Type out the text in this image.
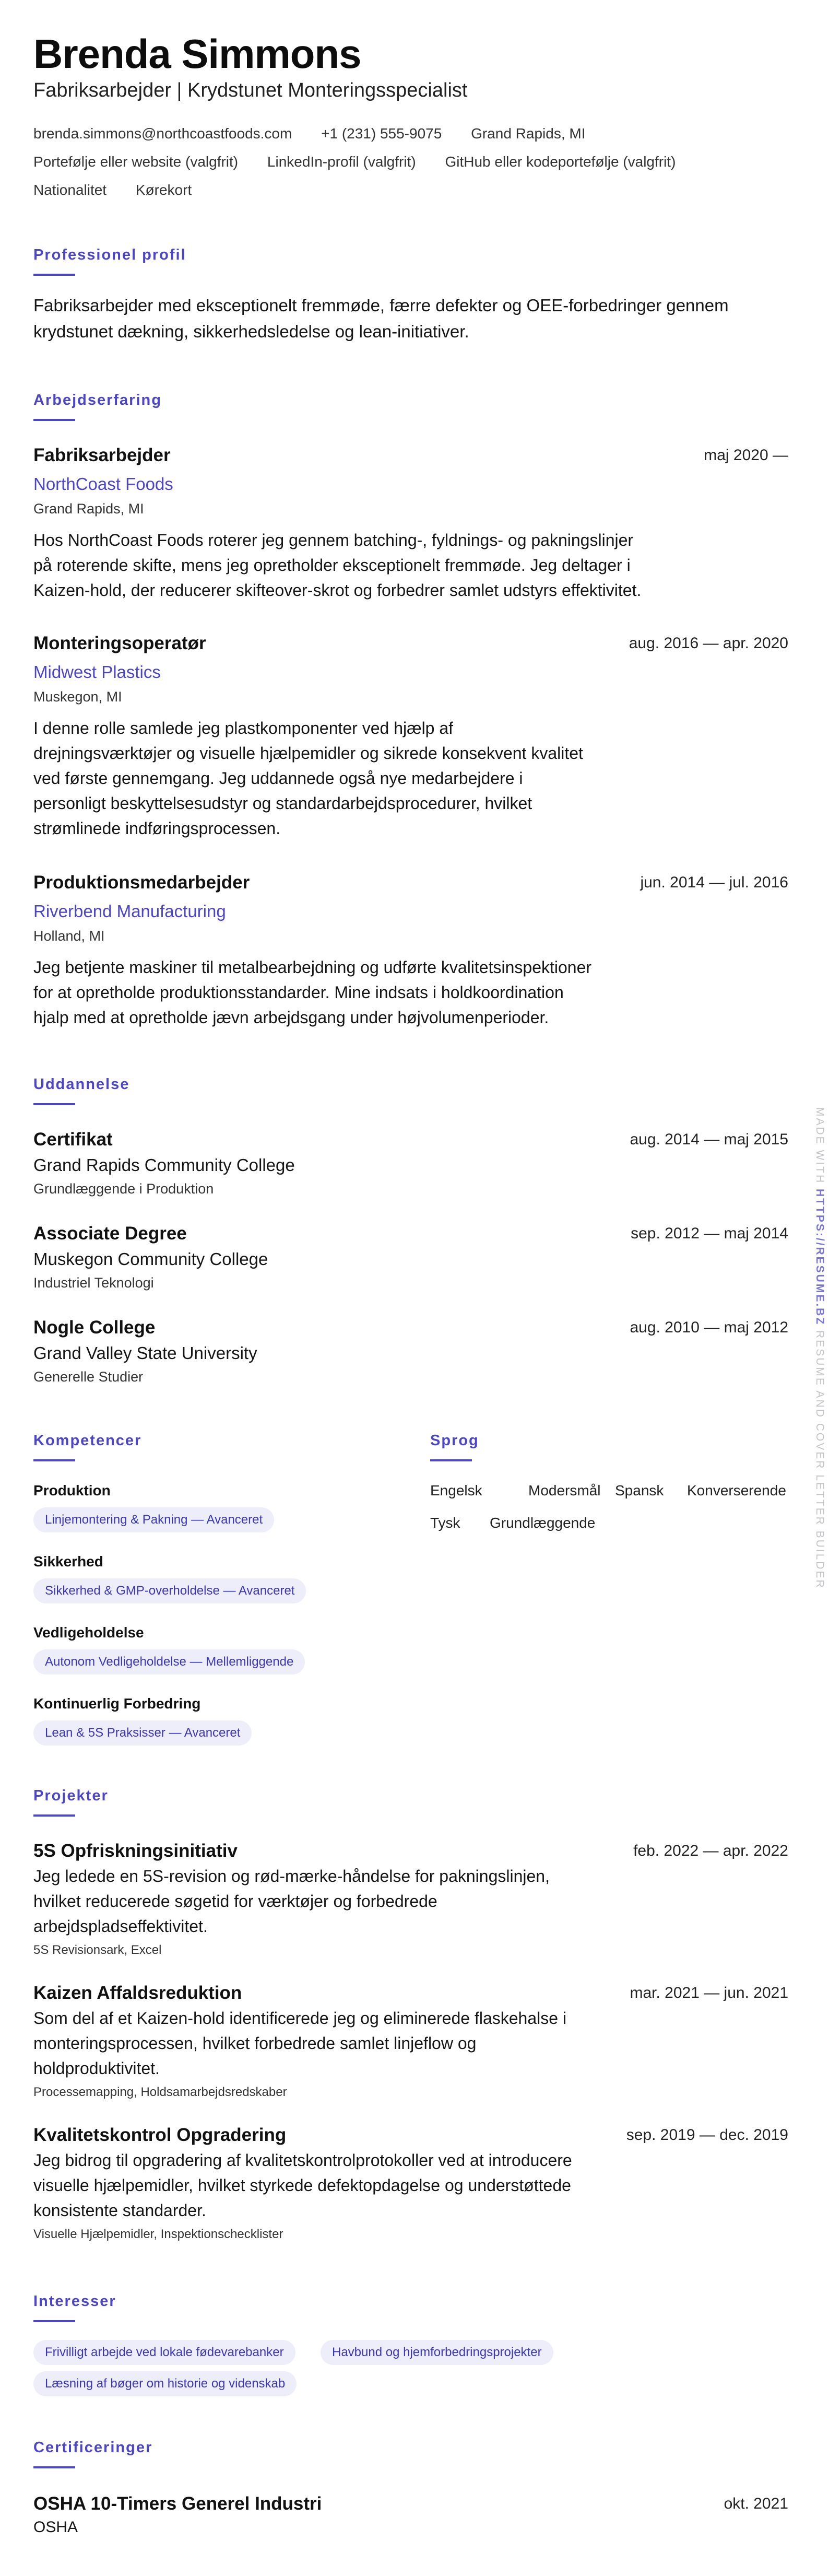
Brenda Simmons
Fabriksarbejder | Krydstunet Monteringsspecialist
brenda.simmons@northcoastfoods.com +1 (231) 555-9075 Grand Rapids, MI
Portefølje eller website (valgfrit) LinkedIn-profil (valgfrit) GitHub eller kodeportefølje (valgfrit)
Nationalitet Kørekort
Professionel profil
Fabriksarbejder med eksceptionelt fremmøde, færre defekter og OEE-forbedringer gennem
krydstunet dækning, sikkerhedsledelse og lean-initiativer.
Arbejdserfaring
Fabriksarbejder	maj 2020 —
NorthCoast Foods
Grand Rapids, MI
Hos NorthCoast Foods roterer jeg gennem batching-, fyldnings- og pakningslinjer
på roterende skifte, mens jeg opretholder eksceptionelt fremmøde. Jeg deltager i
Kaizen-hold, der reducerer skifteover-skrot og forbedrer samlet udstyrs effektivitet.
Monteringsoperatør	aug. 2016 — apr. 2020
Midwest Plastics
Muskegon, MI
I denne rolle samlede jeg plastkomponenter ved hjælp af
drejningsværktøjer og visuelle hjælpemidler og sikrede konsekvent kvalitet
ved første gennemgang. Jeg uddannede også nye medarbejdere i
personligt beskyttelsesudstyr og standardarbejdsprocedurer, hvilket
strømlinede indføringsprocessen.
Produktionsmedarbejder	jun. 2014 — jul. 2016
Riverbend Manufacturing
Holland, MI
Jeg betjente maskiner til metalbearbejdning og udførte kvalitetsinspektioner
for at opretholde produktionsstandarder. Mine indsats i holdkoordination
hjalp med at opretholde jævn arbejdsgang under højvolumenperioder.
Uddannelse
Certifikat	aug. 2014 — maj 2015
Grand Rapids Community College
Grundlæggende i Produktion
Associate Degree	sep. 2012 — maj 2014
Muskegon Community College
Industriel Teknologi
Nogle College	aug. 2010 — maj 2012
Grand Valley State University
Generelle Studier
Kompetencer
Produktion
Linjemontering & Pakning — Avanceret
Sikkerhed
Sikkerhed & GMP-overholdelse — Avanceret
Vedligeholdelse
Autonom Vedligeholdelse — Mellemliggende
Kontinuerlig Forbedring
Lean & 5S Praksisser — Avanceret
Sprog
Engelsk	Modersmål Spansk Konverserende
Tysk Grundlæggende
Projekter
5S Opfriskningsinitiativ	feb. 2022 — apr. 2022
Jeg ledede en 5S-revision og rød-mærke-håndelse for pakningslinjen,
hvilket reducerede søgetid for værktøjer og forbedrede
arbejdspladseffektivitet.
5S Revisionsark, Excel
Kaizen Affaldsreduktion	mar. 2021 — jun. 2021
Som del af et Kaizen-hold identificerede jeg og eliminerede flaskehalse i
monteringsprocessen, hvilket forbedrede samlet linjeflow og
holdproduktivitet.
Processemapping, Holdsamarbejdsredskaber
Kvalitetskontrol Opgradering	sep. 2019 — dec. 2019
Jeg bidrog til opgradering af kvalitetskontrolprotokoller ved at introducere
visuelle hjælpemidler, hvilket styrkede defektopdagelse og understøttede
konsistente standarder.
Visuelle Hjælpemidler, Inspektionschecklister
Interesser
Frivilligt arbejde ved lokale fødevarebanker	Havbund og hjemforbedringsprojekter
Læsning af bøger om historie og videnskab
Certificeringer
OSHA 10-Timers Generel Industri	okt. 2021
OSHA
MADE WITH HTTPS://RESUME.BZ RESUME AND COVER LETTER BUILDER
